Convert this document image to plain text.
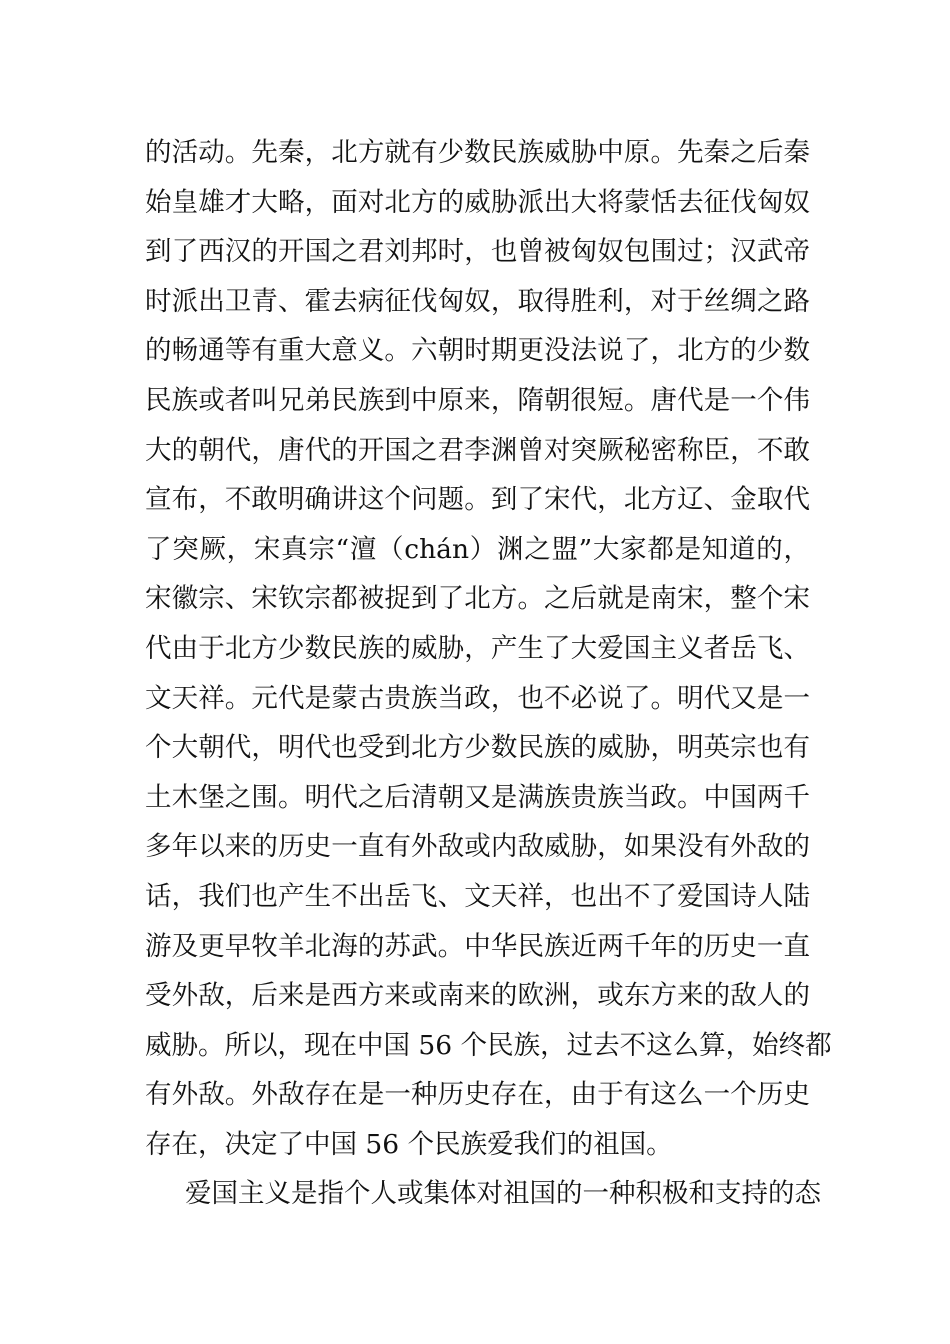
的活动。先秦，北方就有少数民族威胁中原。先秦之后秦
始皇雄才大略，面对北方的威胁派出大将蒙恬去征伐匈奴
到了西汉的开国之君刘邦时，也曾被匈奴包围过；汉武帝
时派出卫青、霍去病征伐匈奴，取得胜利，对于丝绸之路
的畅通等有重大意义。六朝时期更没法说了，北方的少数
民族或者叫兄弟民族到中原来，隋朝很短。唐代是一个伟
大的朝代，唐代的开国之君李渊曾对突厥秘密称臣，不敢
宣布，不敢明确讲这个问题。到了宋代，北方辽、金取代
了突厥，宋真宗“澶（chán）渊之盟”大家都是知道的，
宋徽宗、宋钦宗都被捉到了北方。之后就是南宋，整个宋
代由于北方少数民族的威胁，产生了大爱国主义者岳飞、
文天祥。元代是蒙古贵族当政，也不必说了。明代又是一
个大朝代，明代也受到北方少数民族的威胁，明英宗也有
土木堡之围。明代之后清朝又是满族贵族当政。中国两千
多年以来的历史一直有外敌或内敌威胁，如果没有外敌的
话，我们也产生不出岳飞、文天祥，也出不了爱国诗人陆
游及更早牧羊北海的苏武。中华民族近两千年的历史一直
受外敌，后来是西方来或南来的欧洲，或东方来的敌人的
威胁。所以，现在中国 56 个民族，过去不这么算，始终都
有外敌。外敌存在是一种历史存在，由于有这么一个历史
存在，决定了中国 56 个民族爱我们的祖国。
爱国主义是指个人或集体对祖国的一种积极和支持的态
